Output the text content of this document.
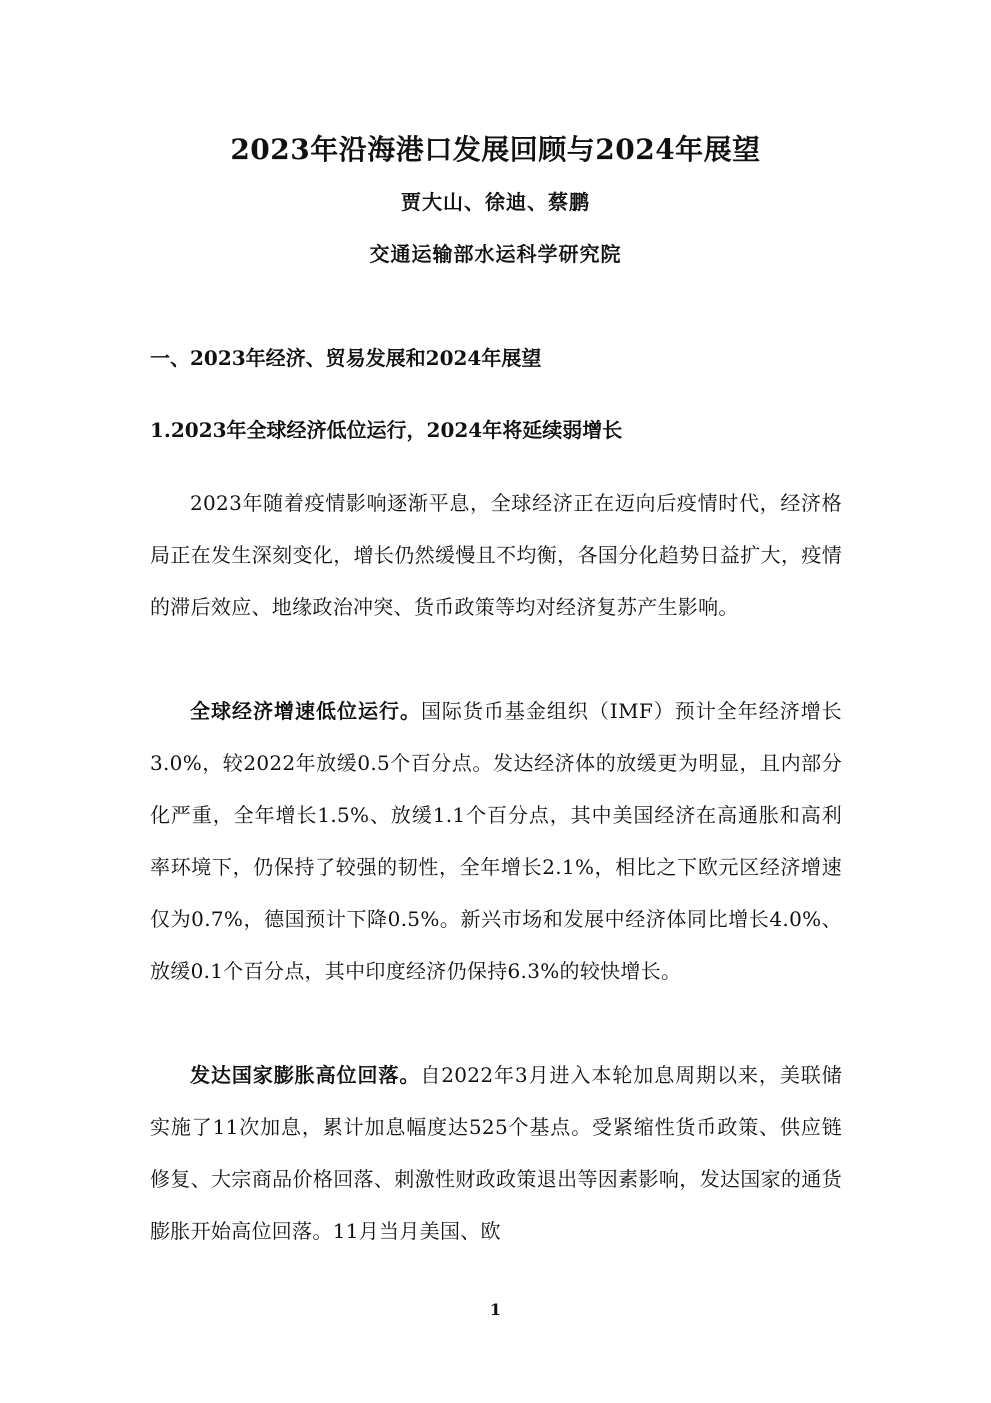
2023年沿海港口发展回顾与2024年展望
贾大山、徐迪、蔡鹏
交通运输部水运科学研究院
一、2023年经济、贸易发展和2024年展望
1.2023年全球经济低位运行，2024年将延续弱增长

2023年随着疫情影响逐渐平息，全球经济正在迈向后疫情时代，经济格局正在发生深刻变化，增长仍然缓慢且不均衡，各国分化趋势日益扩大，疫情的滞后效应、地缘政治冲突、货币政策等均对经济复苏产生影响。

全球经济增速低位运行。国际货币基金组织（IMF）预计全年经济增长3.0%，较2022年放缓0.5个百分点。发达经济体的放缓更为明显，且内部分化严重，全年增长1.5%、放缓1.1个百分点，其中美国经济在高通胀和高利率环境下，仍保持了较强的韧性，全年增长2.1%，相比之下欧元区经济增速仅为0.7%，德国预计下降0.5%。新兴市场和发展中经济体同比增长4.0%、放缓0.1个百分点，其中印度经济仍保持6.3%的较快增长。

发达国家膨胀高位回落。自2022年3月进入本轮加息周期以来，美联储实施了11次加息，累计加息幅度达525个基点。受紧缩性货币政策、供应链修复、大宗商品价格回落、刺激性财政政策退出等因素影响，发达国家的通货膨胀开始高位回落。11月当月美国、欧

1
